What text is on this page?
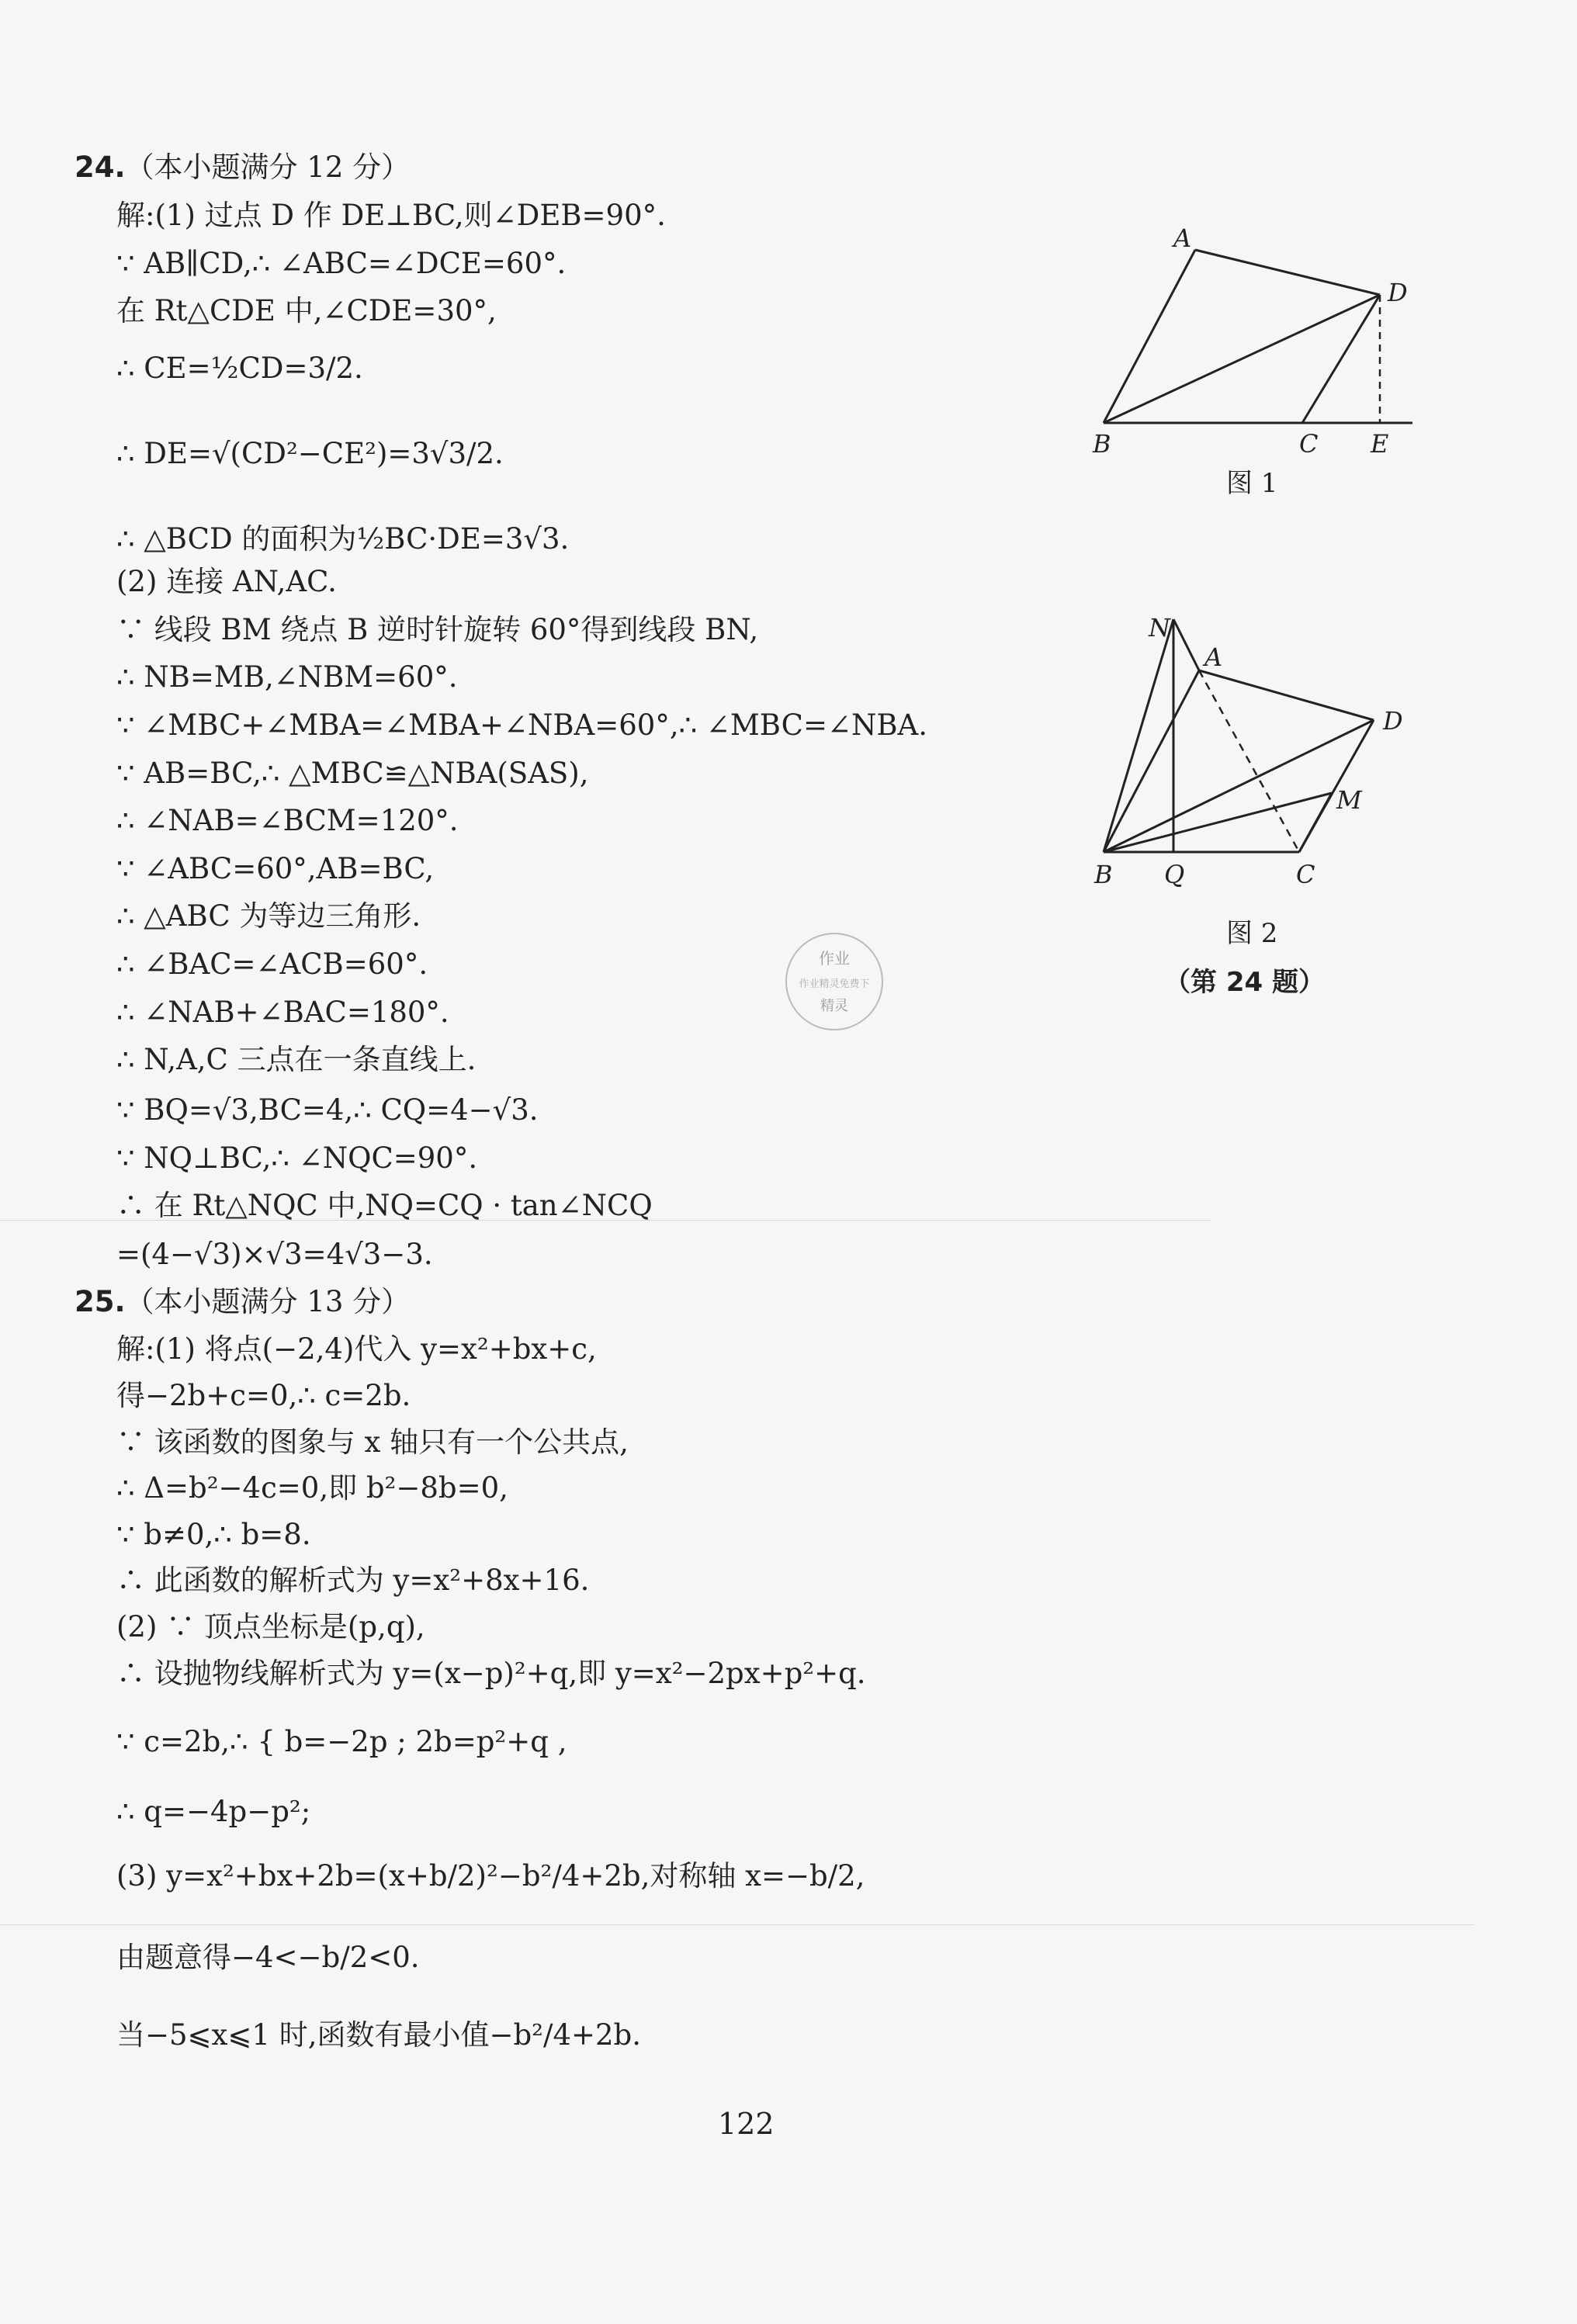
24.（本小题满分 12 分）
解:(1) 过点 D 作 DE⊥BC,则∠DEB=90°.
∵ AB∥CD,∴ ∠ABC=∠DCE=60°.
在 Rt△CDE 中,∠CDE=30°,
∴ CE=½CD=3/2.
∴ DE=√(CD²−CE²)=3√3/2.
∴ △BCD 的面积为½BC·DE=3√3.
(2) 连接 AN,AC.
∵ 线段 BM 绕点 B 逆时针旋转 60°得到线段 BN,
∴ NB=MB,∠NBM=60°.
∵ ∠MBC+∠MBA=∠MBA+∠NBA=60°,∴ ∠MBC=∠NBA.
∵ AB=BC,∴ △MBC≌△NBA(SAS),
∴ ∠NAB=∠BCM=120°.
∵ ∠ABC=60°,AB=BC,
∴ △ABC 为等边三角形.
∴ ∠BAC=∠ACB=60°.
∴ ∠NAB+∠BAC=180°.
∴ N,A,C 三点在一条直线上.
∵ BQ=√3,BC=4,∴ CQ=4−√3.
∵ NQ⊥BC,∴ ∠NQC=90°.
∴ 在 Rt△NQC 中,NQ=CQ · tan∠NCQ
=(4−√3)×√3=4√3−3.
A
D
B	C E
图 1
N
A
D
M
B Q	C
图 2
（第 24 题）
作业
作业精灵免费下
精灵
25.（本小题满分 13 分）
解:(1) 将点(−2,4)代入 y=x²+bx+c,
得−2b+c=0,∴ c=2b.
∵ 该函数的图象与 x 轴只有一个公共点,
∴ Δ=b²−4c=0,即 b²−8b=0,
∵ b≠0,∴ b=8.
∴ 此函数的解析式为 y=x²+8x+16.
(2) ∵ 顶点坐标是(p,q),
∴ 设抛物线解析式为 y=(x−p)²+q,即 y=x²−2px+p²+q.
∵ c=2b,∴ { b=−2p ; 2b=p²+q ,
∴ q=−4p−p²;
(3) y=x²+bx+2b=(x+b/2)²−b²/4+2b,对称轴 x=−b/2,
由题意得−4<−b/2<0.
当−5⩽x⩽1 时,函数有最小值−b²/4+2b.
122
